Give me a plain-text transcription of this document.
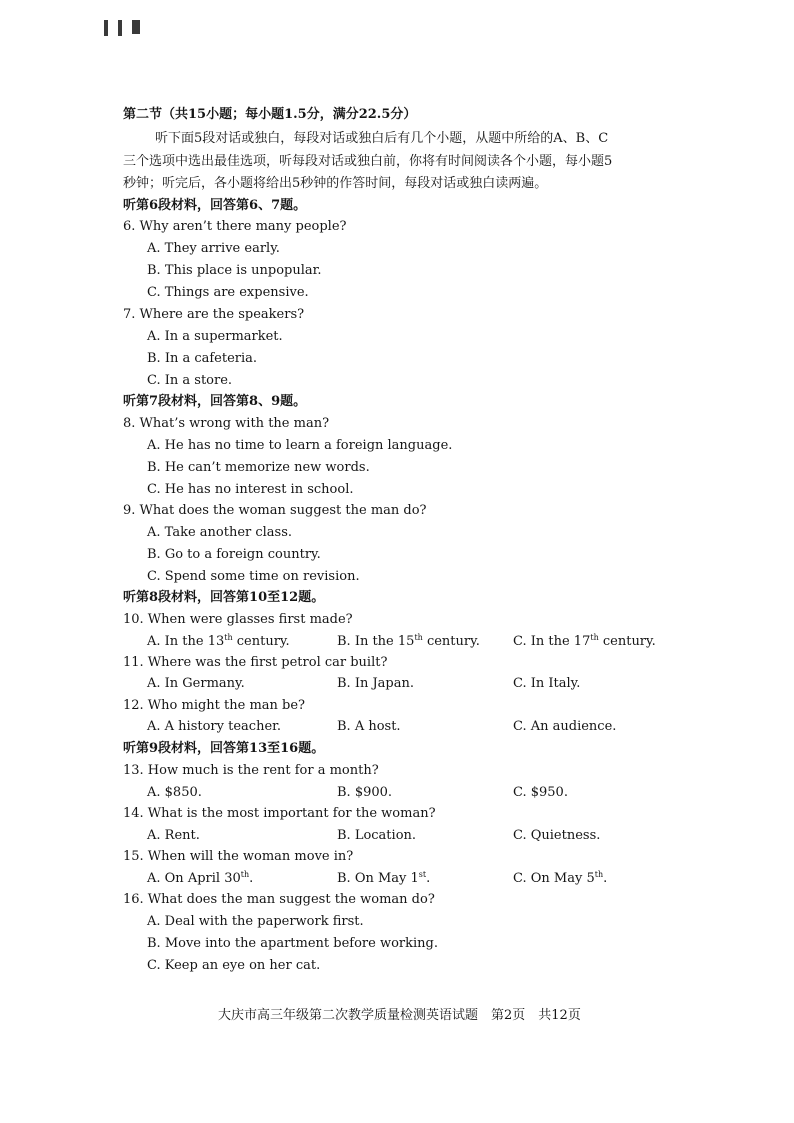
第二节（共15小题；每小题1.5分，满分22.5分）
听下面5段对话或独白，每段对话或独白后有几个小题，从题中所给的A、B、C
三个选项中选出最佳选项，听每段对话或独白前，你将有时间阅读各个小题，每小题5
秒钟；听完后，各小题将给出5秒钟的作答时间，每段对话或独白读两遍。
听第6段材料，回答第6、7题。
6. Why aren’t there many people?
A. They arrive early.
B. This place is unpopular.
C. Things are expensive.
7. Where are the speakers?
A. In a supermarket.
B. In a cafeteria.
C. In a store.
听第7段材料，回答第8、9题。
8. What’s wrong with the man?
A. He has no time to learn a foreign language.
B. He can’t memorize new words.
C. He has no interest in school.
9. What does the woman suggest the man do?
A. Take another class.
B. Go to a foreign country.
C. Spend some time on revision.
听第8段材料，回答第10至12题。
10. When were glasses first made?
A. In the 13th century.	B. In the 15th century.	C. In the 17th century.
11. Where was the first petrol car built?
A. In Germany.	B. In Japan.	C. In Italy.
12. Who might the man be?
A. A history teacher.	B. A host.	C. An audience.
听第9段材料，回答第13至16题。
13. How much is the rent for a month?
A. $850.	B. $900.	C. $950.
14. What is the most important for the woman?
A. Rent.	B. Location.	C. Quietness.
15. When will the woman move in?
A. On April 30th.	B. On May 1st.	C. On May 5th.
16. What does the man suggest the woman do?
A. Deal with the paperwork first.
B. Move into the apartment before working.
C. Keep an eye on her cat.
大庆市高三年级第二次教学质量检测英语试题　第2页　共12页
